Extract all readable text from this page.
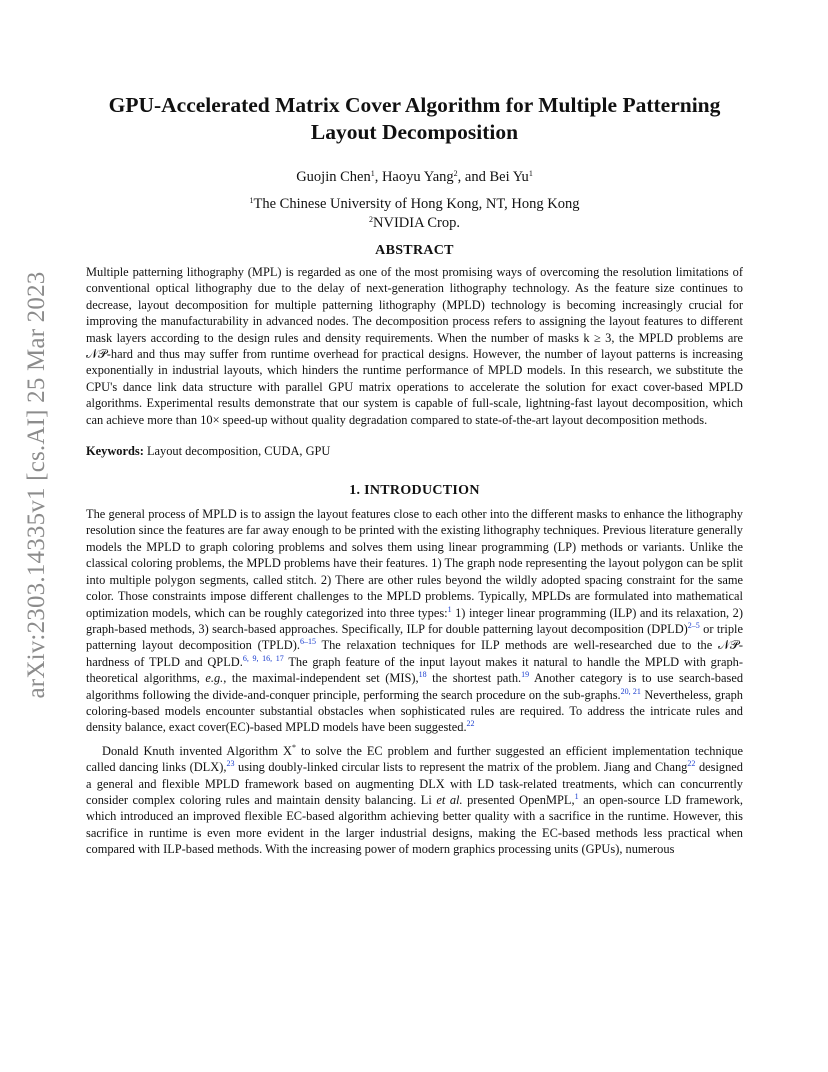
arXiv:2303.14335v1 [cs.AI] 25 Mar 2023
GPU-Accelerated Matrix Cover Algorithm for Multiple Patterning Layout Decomposition
Guojin Chen$^1$, Haoyu Yang$^2$, and Bei Yu$^1$
$^1$The Chinese University of Hong Kong, NT, Hong Kong
$^2$NVIDIA Crop.
ABSTRACT
Multiple patterning lithography (MPL) is regarded as one of the most promising ways of overcoming the resolution limitations of conventional optical lithography due to the delay of next-generation lithography technology. As the feature size continues to decrease, layout decomposition for multiple patterning lithography (MPLD) technology is becoming increasingly crucial for improving the manufacturability in advanced nodes. The decomposition process refers to assigning the layout features to different mask layers according to the design rules and density requirements. When the number of masks k ≥ 3, the MPLD problems are 𝒩𝒫-hard and thus may suffer from runtime overhead for practical designs. However, the number of layout patterns is increasing exponentially in industrial layouts, which hinders the runtime performance of MPLD models. In this research, we substitute the CPU's dance link data structure with parallel GPU matrix operations to accelerate the solution for exact cover-based MPLD algorithms. Experimental results demonstrate that our system is capable of full-scale, lightning-fast layout decomposition, which can achieve more than 10× speed-up without quality degradation compared to state-of-the-art layout decomposition methods.
Keywords: Layout decomposition, CUDA, GPU
1. INTRODUCTION
The general process of MPLD is to assign the layout features close to each other into the different masks to enhance the lithography resolution since the features are far away enough to be printed with the existing lithography techniques. Previous literature generally models the MPLD to graph coloring problems and solves them using linear programming (LP) methods or variants. Unlike the classical coloring problems, the MPLD problems have their features. 1) The graph node representing the layout polygon can be split into multiple polygon segments, called stitch. 2) There are other rules beyond the wildly adopted spacing constraint for the same color. Those constraints impose different challenges to the MPLD problems. Typically, MPLDs are formulated into mathematical optimization models, which can be roughly categorized into three types:$^1$ 1) integer linear programming (ILP) and its relaxation, 2) graph-based methods, 3) search-based approaches. Specifically, ILP for double patterning layout decomposition (DPLD)$^{2-5}$ or triple patterning layout decomposition (TPLD).$^{6-15}$ The relaxation techniques for ILP methods are well-researched due to the 𝒩𝒫-hardness of TPLD and QPLD.$^{6, 9, 16, 17}$ The graph feature of the input layout makes it natural to handle the MPLD with graph-theoretical algorithms, e.g., the maximal-independent set (MIS),$^{18}$ the shortest path.$^{19}$ Another category is to use search-based algorithms following the divide-and-conquer principle, performing the search procedure on the sub-graphs.$^{20, 21}$ Nevertheless, graph coloring-based models encounter substantial obstacles when sophisticated rules are required. To address the intricate rules and density balance, exact cover(EC)-based MPLD models have been suggested.$^{22}$
Donald Knuth invented Algorithm X* to solve the EC problem and further suggested an efficient implementation technique called dancing links (DLX),$^{23}$ using doubly-linked circular lists to represent the matrix of the problem. Jiang and Chang$^{22}$ designed a general and flexible MPLD framework based on augmenting DLX with LD task-related treatments, which can concurrently consider complex coloring rules and maintain density balancing. Li et al. presented OpenMPL,$^1$ an open-source LD framework, which introduced an improved flexible EC-based algorithm achieving better quality with a sacrifice in the runtime. However, this sacrifice in runtime is even more evident in the larger industrial designs, making the EC-based methods less practical when compared with ILP-based methods. With the increasing power of modern graphics processing units (GPUs), numerous
